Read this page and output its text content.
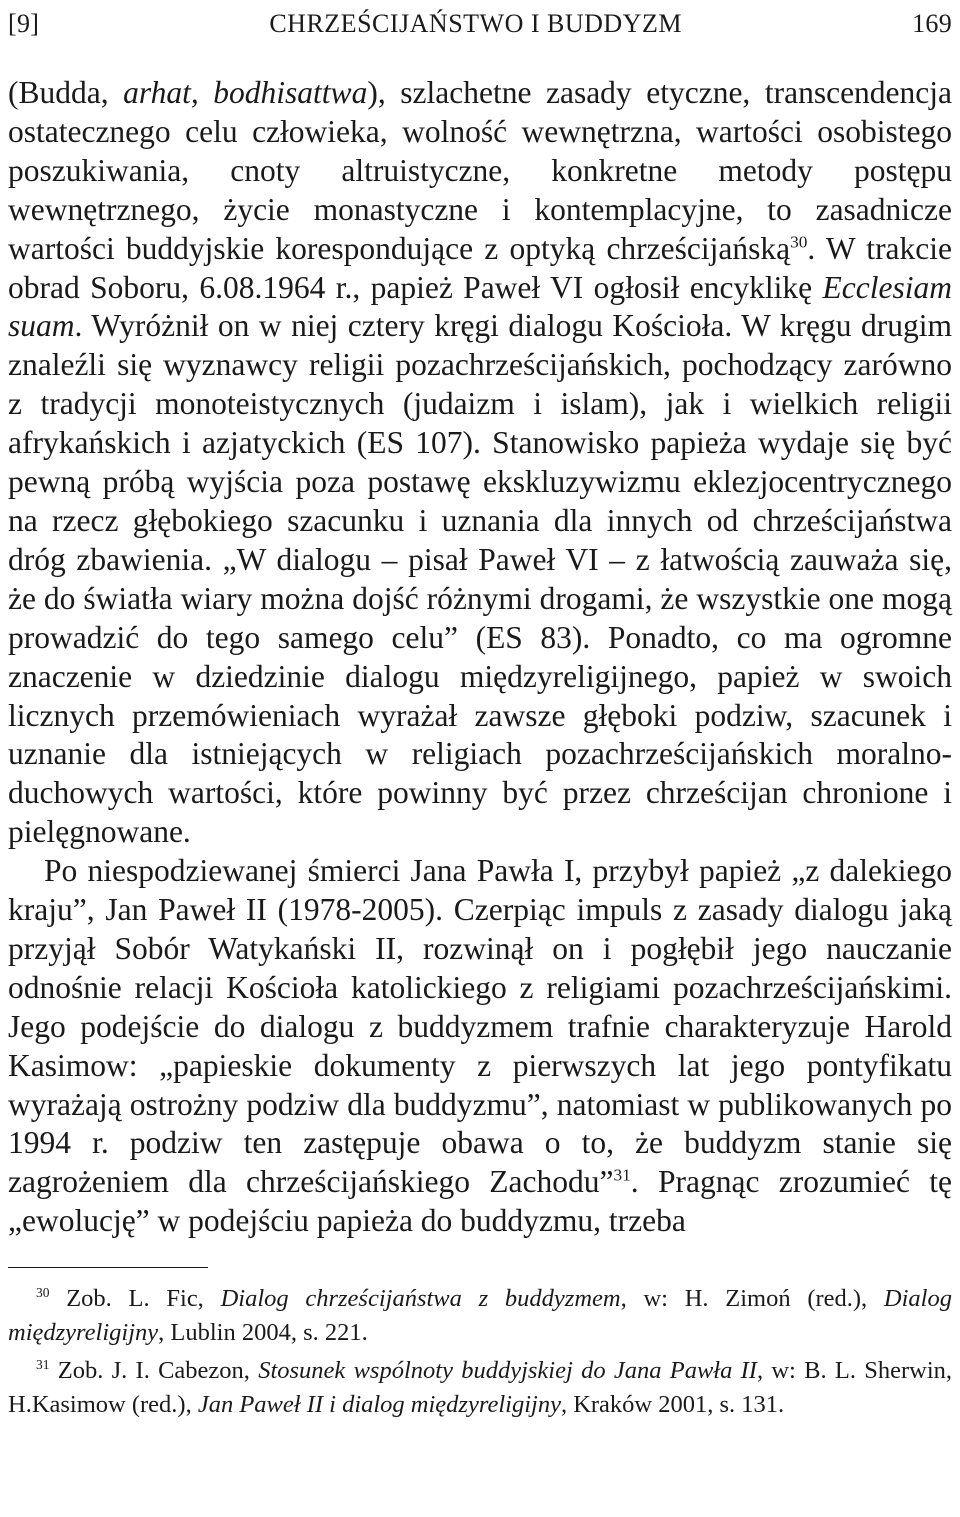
[9]	CHRZEŚCIJAŃSTWO I BUDDYZM	169

(Budda, arhat, bodhisattwa), szlachetne zasady etyczne, transcendencja ostatecznego celu człowieka, wolność wewnętrzna, wartości osobistego poszukiwania, cnoty altruistyczne, konkretne metody postępu wewnętrznego, życie monastyczne i kontemplacyjne, to zasadnicze wartości buddyjskie korespondujące z optyką chrześcijańską$^{30}$. W trakcie obrad Soboru, 6.08.1964 r., papież Paweł VI ogłosił encyklikę Ecclesiam suam. Wyróżnił on w niej cztery kręgi dialogu Kościoła. W kręgu drugim znaleźli się wyznawcy religii pozachrześcijańskich, pochodzący zarówno z tradycji monoteistycznych (judaizm i islam), jak i wielkich religii afrykańskich i azjatyckich (ES 107). Stanowisko papieża wydaje się być pewną próbą wyjścia poza postawę ekskluzywizmu eklezjocentrycznego na rzecz głębokiego szacunku i uznania dla innych od chrześcijaństwa dróg zbawienia. „W dialogu – pisał Paweł VI – z łatwością zauważa się, że do światła wiary można dojść różnymi drogami, że wszystkie one mogą prowadzić do tego samego celu” (ES 83). Ponadto, co ma ogromne znaczenie w dziedzinie dialogu międzyreligijnego, papież w swoich licznych przemówieniach wyrażał zawsze głęboki podziw, szacunek i uznanie dla istniejących w religiach pozachrześcijańskich moralno-duchowych wartości, które powinny być przez chrześcijan chronione i pielęgnowane.

Po niespodziewanej śmierci Jana Pawła I, przybył papież „z dalekiego kraju”, Jan Paweł II (1978-2005). Czerpiąc impuls z zasady dialogu jaką przyjął Sobór Watykański II, rozwinął on i pogłębił jego nauczanie odnośnie relacji Kościoła katolickiego z religiami pozachrześcijańskimi. Jego podejście do dialogu z buddyzmem trafnie charakteryzuje Harold Kasimow: „papieskie dokumenty z pierwszych lat jego pontyfikatu wyrażają ostrożny podziw dla buddyzmu”, natomiast w publikowanych po 1994 r. podziw ten zastępuje obawa o to, że buddyzm stanie się zagrożeniem dla chrześcijańskiego Zachodu”$^{31}$. Pragnąc zrozumieć tę „ewolucję” w podejściu papieża do buddyzmu, trzeba

$^{30}$ Zob. L. Fic, Dialog chrześcijaństwa z buddyzmem, w: H. Zimoń (red.), Dialog międzyreligijny, Lublin 2004, s. 221.

$^{31}$ Zob. J. I. Cabezon, Stosunek wspólnoty buddyjskiej do Jana Pawła II, w: B. L. Sherwin, H.Kasimow (red.), Jan Paweł II i dialog międzyreligijny, Kraków 2001, s. 131.
